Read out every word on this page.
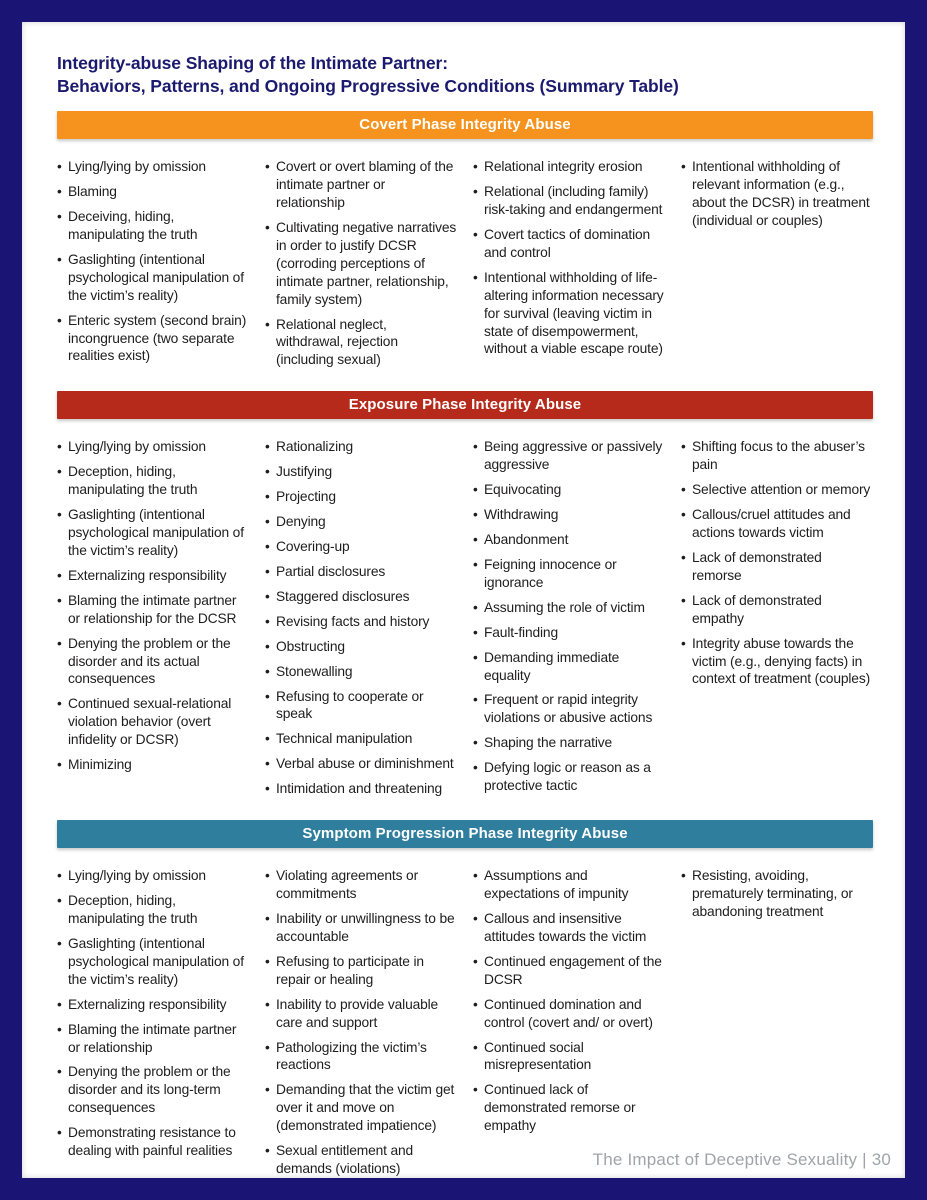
Integrity-abuse Shaping of the Intimate Partner:
Behaviors, Patterns, and Ongoing Progressive Conditions (Summary Table)
Covert Phase Integrity Abuse
• Lying/lying by omission
• Blaming
• Deceiving, hiding, manipulating the truth
• Gaslighting (intentional psychological manipulation of the victim’s reality)
• Enteric system (second brain) incongruence (two separate realities exist)
• Covert or overt blaming of the intimate partner or relationship
• Cultivating negative narratives in order to justify DCSR (corroding perceptions of intimate partner, relationship, family system)
• Relational neglect, withdrawal, rejection (including sexual)
• Relational integrity erosion
• Relational (including family) risk-taking and endangerment
• Covert tactics of domination and control
• Intentional withholding of life-altering information necessary for survival (leaving victim in state of disempowerment, without a viable escape route)
• Intentional withholding of relevant information (e.g., about the DCSR) in treatment (individual or couples)
Exposure Phase Integrity Abuse
• Lying/lying by omission
• Deception, hiding, manipulating the truth
• Gaslighting (intentional psychological manipulation of the victim’s reality)
• Externalizing responsibility
• Blaming the intimate partner or relationship for the DCSR
• Denying the problem or the disorder and its actual consequences
• Continued sexual-relational violation behavior (overt infidelity or DCSR)
• Minimizing
• Rationalizing
• Justifying
• Projecting
• Denying
• Covering-up
• Partial disclosures
• Staggered disclosures
• Revising facts and history
• Obstructing
• Stonewalling
• Refusing to cooperate or speak
• Technical manipulation
• Verbal abuse or diminishment
• Intimidation and threatening
• Being aggressive or passively aggressive
• Equivocating
• Withdrawing
• Abandonment
• Feigning innocence or ignorance
• Assuming the role of victim
• Fault-finding
• Demanding immediate equality
• Frequent or rapid integrity violations or abusive actions
• Shaping the narrative
• Defying logic or reason as a protective tactic
• Shifting focus to the abuser’s pain
• Selective attention or memory
• Callous/cruel attitudes and actions towards victim
• Lack of demonstrated remorse
• Lack of demonstrated empathy
• Integrity abuse towards the victim (e.g., denying facts) in context of treatment (couples)
Symptom Progression Phase Integrity Abuse
• Lying/lying by omission
• Deception, hiding, manipulating the truth
• Gaslighting (intentional psychological manipulation of the victim’s reality)
• Externalizing responsibility
• Blaming the intimate partner or relationship
• Denying the problem or the disorder and its long-term consequences
• Demonstrating resistance to dealing with painful realities
• Violating agreements or commitments
• Inability or unwillingness to be accountable
• Refusing to participate in repair or healing
• Inability to provide valuable care and support
• Pathologizing the victim’s reactions
• Demanding that the victim get over it and move on (demonstrated impatience)
• Sexual entitlement and demands (violations)
• Assumptions and expectations of impunity
• Callous and insensitive attitudes towards the victim
• Continued engagement of the DCSR
• Continued domination and control (covert and/ or overt)
• Continued social misrepresentation
• Continued lack of demonstrated remorse or empathy
• Resisting, avoiding, prematurely terminating, or abandoning treatment
The Impact of Deceptive Sexuality | 30
